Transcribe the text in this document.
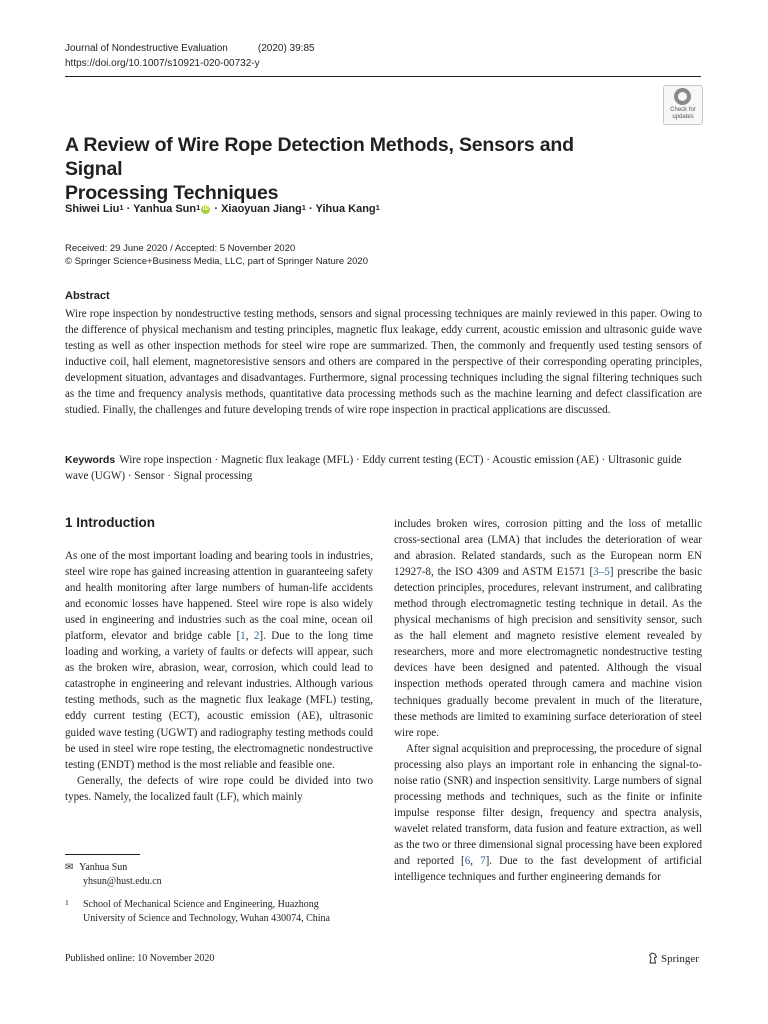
Journal of Nondestructive Evaluation	(2020) 39:85
https://doi.org/10.1007/s10921-020-00732-y
Check for updates
A Review of Wire Rope Detection Methods, Sensors and Signal
Processing Techniques
Shiwei Liu$^1$ · Yanhua Sun$^1$ iD · Xiaoyuan Jiang$^1$ · Yihua Kang$^1$
Received: 29 June 2020 / Accepted: 5 November 2020
© Springer Science+Business Media, LLC, part of Springer Nature 2020
Abstract
Wire rope inspection by nondestructive testing methods, sensors and signal processing techniques are mainly reviewed in this paper. Owing to the difference of physical mechanism and testing principles, magnetic flux leakage, eddy current, acoustic emission and ultrasonic guide wave testing as well as other inspection methods for steel wire rope are summarized. Then, the commonly and frequently used testing sensors of inductive coil, hall element, magnetoresistive sensors and others are compared in the perspective of their corresponding operating principles, development situation, advantages and disadvantages. Furthermore, signal processing techniques including the signal filtering techniques such as the time and frequency analysis methods, quantitative data processing methods such as the machine learning and defect classification are studied. Finally, the challenges and future developing trends of wire rope inspection in practical applications are discussed.
Keywords Wire rope inspection · Magnetic flux leakage (MFL) · Eddy current testing (ECT) · Acoustic emission (AE) · Ultrasonic guide wave (UGW) · Sensor · Signal processing
1 Introduction

As one of the most important loading and bearing tools in industries, steel wire rope has gained increasing attention in guaranteeing safety and health monitoring after large numbers of human-life accidents and economic losses have happened. Steel wire rope is also widely used in engineering and industries such as the coal mine, ocean oil platform, elevator and bridge cable [1, 2]. Due to the long time loading and working, a variety of faults or defects will appear, such as the broken wire, abrasion, wear, corrosion, which could lead to catastrophe in engineering and relevant industries. Although various testing methods, such as the magnetic flux leakage (MFL) testing, eddy current testing (ECT), acoustic emission (AE), ultrasonic guided wave testing (UGWT) and radiography testing methods could be used in steel wire rope testing, the electromagnetic nondestructive testing (ENDT) method is the most reliable and feasible one.

Generally, the defects of wire rope could be divided into two types. Namely, the localized fault (LF), which mainly

includes broken wires, corrosion pitting and the loss of metallic cross-sectional area (LMA) that includes the deterioration of wear and abrasion. Related standards, such as the European norm EN 12927-8, the ISO 4309 and ASTM E1571 [3–5] prescribe the basic detection principles, procedures, relevant instrument, and calibrating method through electromagnetic testing technique in detail. As the physical mechanisms of high precision and sensitivity sensor, such as the hall element and magneto resistive element revealed by researchers, more and more electromagnetic nondestructive testing devices have been designed and patented. Although the visual inspection methods operated through camera and machine vision techniques gradually become prevalent in much of the literature, these methods are limited to examining surface deterioration of steel wire rope.

After signal acquisition and preprocessing, the procedure of signal processing also plays an important role in enhancing the signal-to-noise ratio (SNR) and inspection sensitivity. Large numbers of signal processing methods and techniques, such as the finite or infinite impulse response filter design, frequency and spectra analysis, wavelet related transform, data fusion and feature extraction, as well as the two or three dimensional signal processing have been explored and reported [6, 7]. Due to the fast development of artificial intelligence techniques and further engineering demands for

✉ Yanhua Sun
yhsun@hust.edu.cn
1 School of Mechanical Science and Engineering, Huazhong
University of Science and Technology, Wuhan 430074, China
Published online: 10 November 2020	Springer
